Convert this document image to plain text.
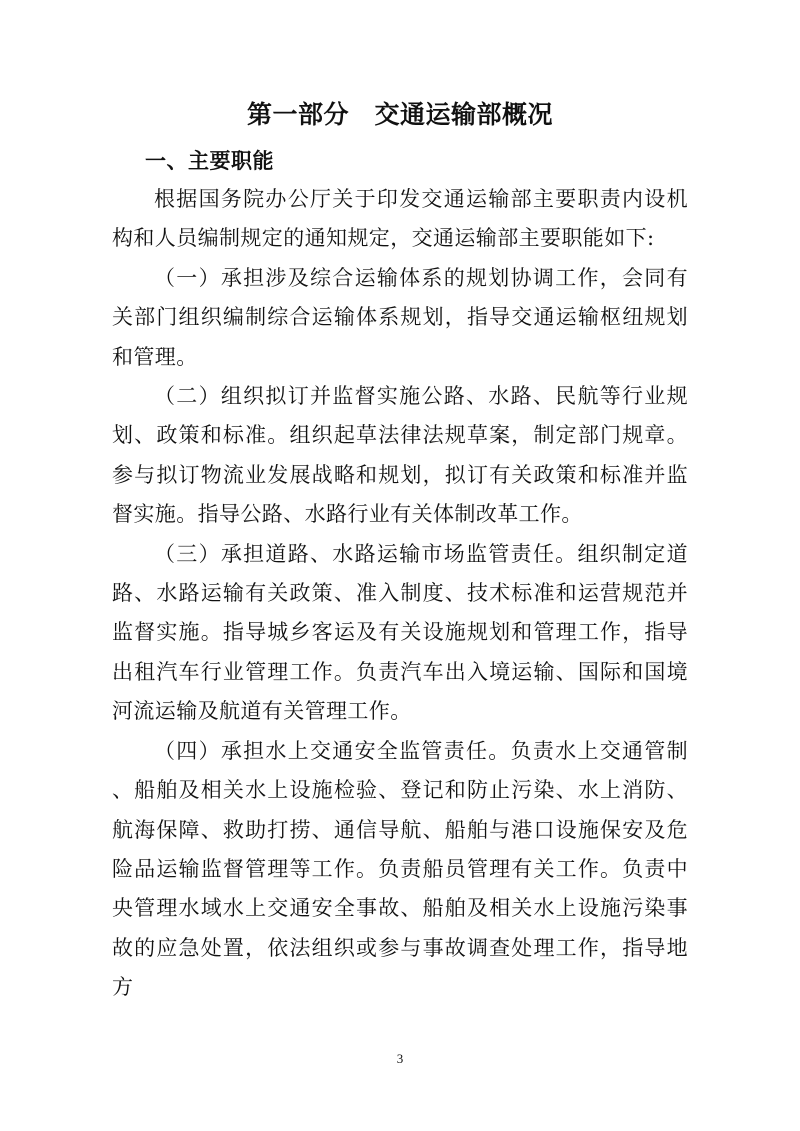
第一部分　交通运输部概况
一、主要职能

根据国务院办公厅关于印发交通运输部主要职责内设机构和人员编制规定的通知规定，交通运输部主要职能如下:

（一）承担涉及综合运输体系的规划协调工作，会同有关部门组织编制综合运输体系规划，指导交通运输枢纽规划和管理。

（二）组织拟订并监督实施公路、水路、民航等行业规划、政策和标准。组织起草法律法规草案，制定部门规章。参与拟订物流业发展战略和规划，拟订有关政策和标准并监督实施。指导公路、水路行业有关体制改革工作。

（三）承担道路、水路运输市场监管责任。组织制定道路、水路运输有关政策、准入制度、技术标准和运营规范并监督实施。指导城乡客运及有关设施规划和管理工作，指导出租汽车行业管理工作。负责汽车出入境运输、国际和国境河流运输及航道有关管理工作。

（四）承担水上交通安全监管责任。负责水上交通管制、船舶及相关水上设施检验、登记和防止污染、水上消防、航海保障、救助打捞、通信导航、船舶与港口设施保安及危险品运输监督管理等工作。负责船员管理有关工作。负责中央管理水域水上交通安全事故、船舶及相关水上设施污染事故的应急处置，依法组织或参与事故调查处理工作，指导地方

3
